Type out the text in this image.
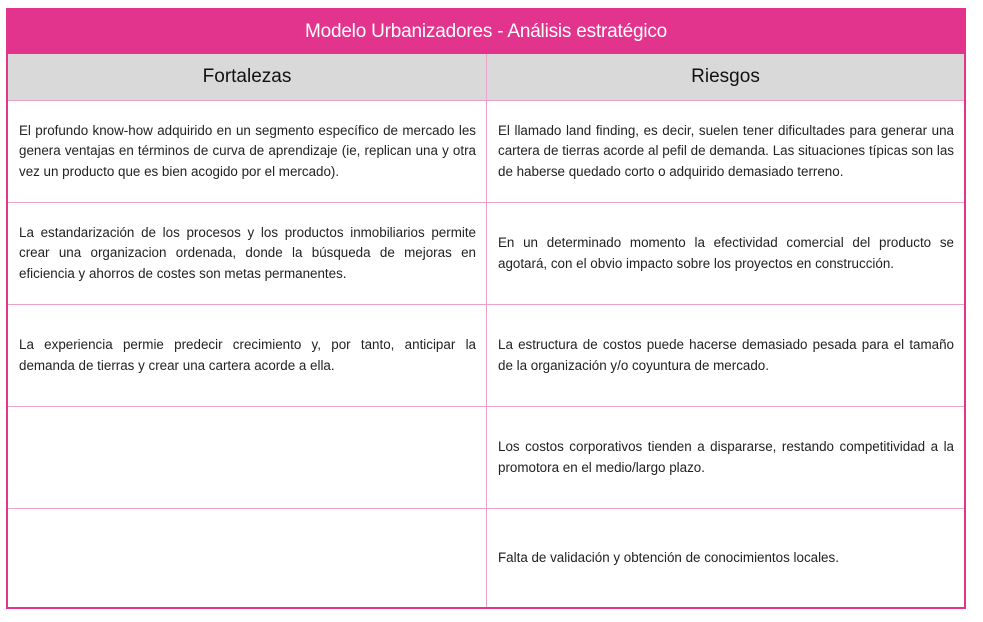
Modelo Urbanizadores - Análisis estratégico
Fortalezas	Riesgos
El profundo know-how adquirido en un segmento específico de mercado les genera ventajas en términos de curva de aprendizaje (ie, replican una y otra vez un producto que es bien acogido por el mercado).
El llamado land finding, es decir, suelen tener dificultades para generar una cartera de tierras acorde al pefil de demanda. Las situaciones típicas son las de haberse quedado corto o adquirido demasiado terreno.
La estandarización de los procesos y los productos inmobiliarios permite crear una organizacion ordenada, donde la búsqueda de mejoras en eficiencia y ahorros de costes son metas permanentes.
En un determinado momento la efectividad comercial del producto se agotará, con el obvio impacto sobre los proyectos en construcción.
La experiencia permie predecir crecimiento y, por tanto, anticipar la demanda de tierras y crear una cartera acorde a ella.
La estructura de costos puede hacerse demasiado pesada para el tamaño de la organización y/o coyuntura de mercado.
Los costos corporativos tienden a dispararse, restando competitividad a la promotora en el medio/largo plazo.
Falta de validación y obtención de conocimientos locales.
